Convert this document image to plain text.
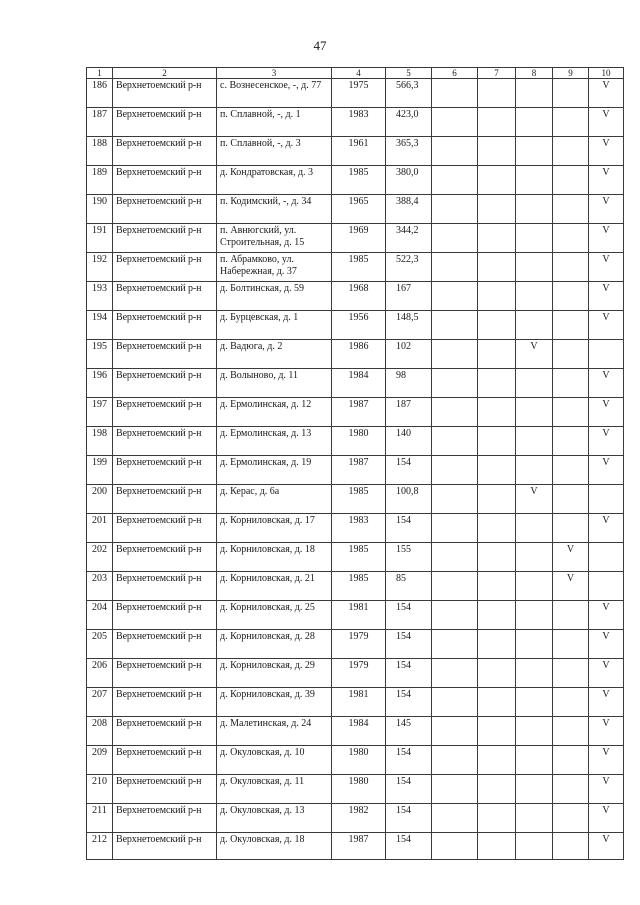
47
1	2	3	4	5	6	7	8	9	10
186	Верхнетоемский р-н	с. Вознесенское, -, д. 77	1975	566,3					V
187	Верхнетоемский р-н	п. Сплавной, -, д. 1	1983	423,0					V
188	Верхнетоемский р-н	п. Сплавной, -, д. 3	1961	365,3					V
189	Верхнетоемский р-н	д. Кондратовская, д. 3	1985	380,0					V
190	Верхнетоемский р-н	п. Кодимский, -, д. 34	1965	388,4					V
191	Верхнетоемский р-н	п. Авнюгский, ул. Строительная, д. 15	1969	344,2					V
192	Верхнетоемский р-н	п. Абрамково, ул. Набережная, д. 37	1985	522,3					V
193	Верхнетоемский р-н	д. Болтинская, д. 59	1968	167					V
194	Верхнетоемский р-н	д. Бурцевская, д. 1	1956	148,5					V
195	Верхнетоемский р-н	д. Вадюга, д. 2	1986	102			V		
196	Верхнетоемский р-н	д. Волыново, д. 11	1984	98					V
197	Верхнетоемский р-н	д. Ермолинская, д. 12	1987	187					V
198	Верхнетоемский р-н	д. Ермолинская, д. 13	1980	140					V
199	Верхнетоемский р-н	д. Ермолинская, д. 19	1987	154					V
200	Верхнетоемский р-н	д. Керас, д. 6а	1985	100,8			V		
201	Верхнетоемский р-н	д. Корниловская, д. 17	1983	154					V
202	Верхнетоемский р-н	д. Корниловская, д. 18	1985	155				V	
203	Верхнетоемский р-н	д. Корниловская, д. 21	1985	85				V	
204	Верхнетоемский р-н	д. Корниловская, д. 25	1981	154					V
205	Верхнетоемский р-н	д. Корниловская, д. 28	1979	154					V
206	Верхнетоемский р-н	д. Корниловская, д. 29	1979	154					V
207	Верхнетоемский р-н	д. Корниловская, д. 39	1981	154					V
208	Верхнетоемский р-н	д. Малетинская, д. 24	1984	145					V
209	Верхнетоемский р-н	д. Окуловская, д. 10	1980	154					V
210	Верхнетоемский р-н	д. Окуловская, д. 11	1980	154					V
211	Верхнетоемский р-н	д. Окуловская, д. 13	1982	154					V
212	Верхнетоемский р-н	д. Окуловская, д. 18	1987	154					V
